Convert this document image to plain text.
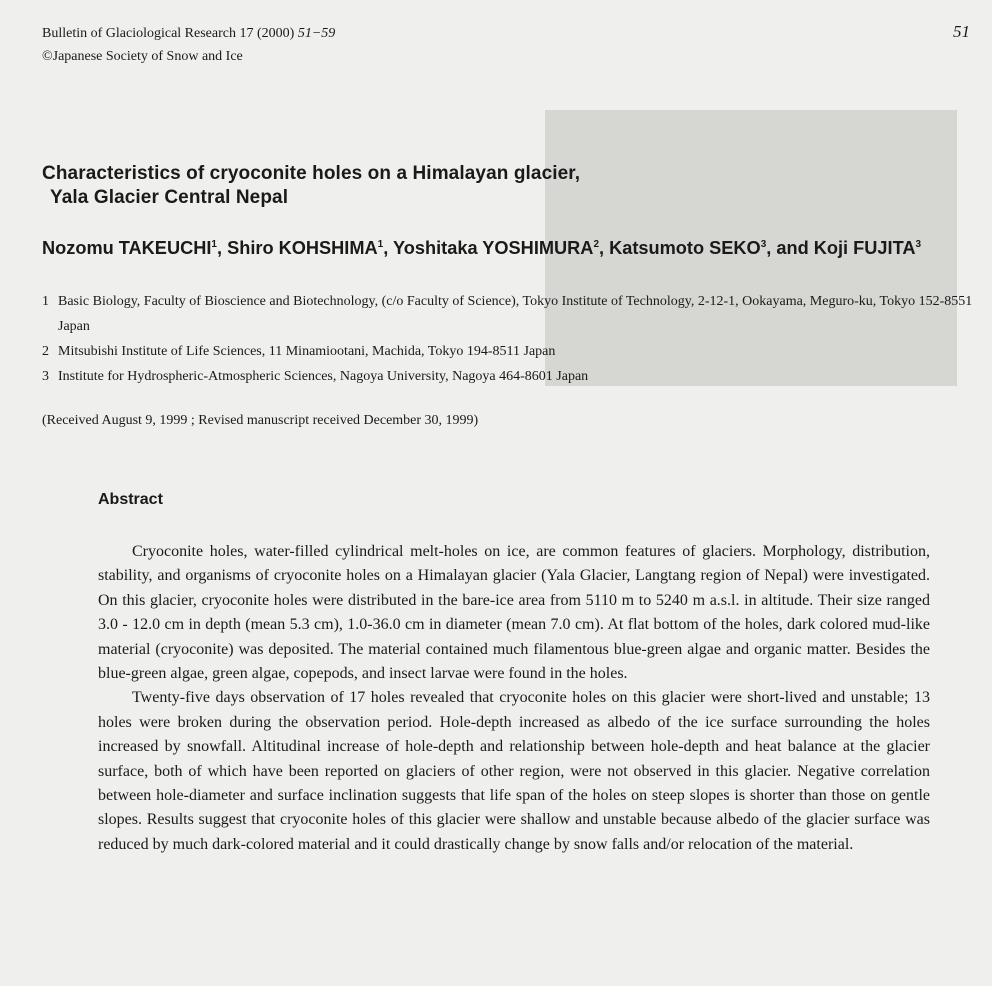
Bulletin of Glaciological Research 17 (2000) 51−59
©Japanese Society of Snow and Ice
51
Characteristics of cryoconite holes on a Himalayan glacier,
Yala Glacier Central Nepal

Nozomu TAKEUCHI$^1$, Shiro KOHSHIMA$^1$, Yoshitaka YOSHIMURA$^2$, Katsumoto SEKO$^3$, and Koji FUJITA$^3$

1 Basic Biology, Faculty of Bioscience and Biotechnology, (c/o Faculty of Science), Tokyo Institute of Technology, 2-12-1, Ookayama, Meguro-ku, Tokyo 152-8551 Japan
2 Mitsubishi Institute of Life Sciences, 11 Minamiootani, Machida, Tokyo 194-8511 Japan
3 Institute for Hydrospheric-Atmospheric Sciences, Nagoya University, Nagoya 464-8601 Japan
(Received August 9, 1999 ; Revised manuscript received December 30, 1999)
Abstract

Cryoconite holes, water-filled cylindrical melt-holes on ice, are common features of glaciers. Morphology, distribution, stability, and organisms of cryoconite holes on a Himalayan glacier (Yala Glacier, Langtang region of Nepal) were investigated. On this glacier, cryoconite holes were distributed in the bare-ice area from 5110 m to 5240 m a.s.l. in altitude. Their size ranged 3.0 - 12.0 cm in depth (mean 5.3 cm), 1.0-36.0 cm in diameter (mean 7.0 cm). At flat bottom of the holes, dark colored mud-like material (cryoconite) was deposited. The material contained much filamentous blue-green algae and organic matter. Besides the blue-green algae, green algae, copepods, and insect larvae were found in the holes.

Twenty-five days observation of 17 holes revealed that cryoconite holes on this glacier were short-lived and unstable; 13 holes were broken during the observation period. Hole-depth increased as albedo of the ice surface surrounding the holes increased by snowfall. Altitudinal increase of hole-depth and relationship between hole-depth and heat balance at the glacier surface, both of which have been reported on glaciers of other region, were not observed in this glacier. Negative correlation between hole-diameter and surface inclination suggests that life span of the holes on steep slopes is shorter than those on gentle slopes. Results suggest that cryoconite holes of this glacier were shallow and unstable because albedo of the glacier surface was reduced by much dark-colored material and it could drastically change by snow falls and/or relocation of the material.
